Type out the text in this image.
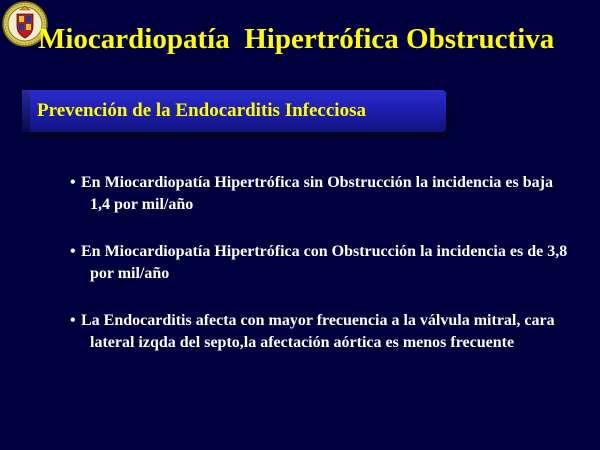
Miocardiopatía  Hipertrófica Obstructiva
Prevención de la Endocarditis Infecciosa
• En Miocardiopatía Hipertrófica sin Obstrucción la incidencia es baja 1,4 por mil/año
• En Miocardiopatía Hipertrófica con Obstrucción la incidencia es de 3,8 por mil/año
• La Endocarditis afecta con mayor frecuencia a la válvula mitral, cara lateral izqda del septo,la afectación aórtica es menos frecuente
